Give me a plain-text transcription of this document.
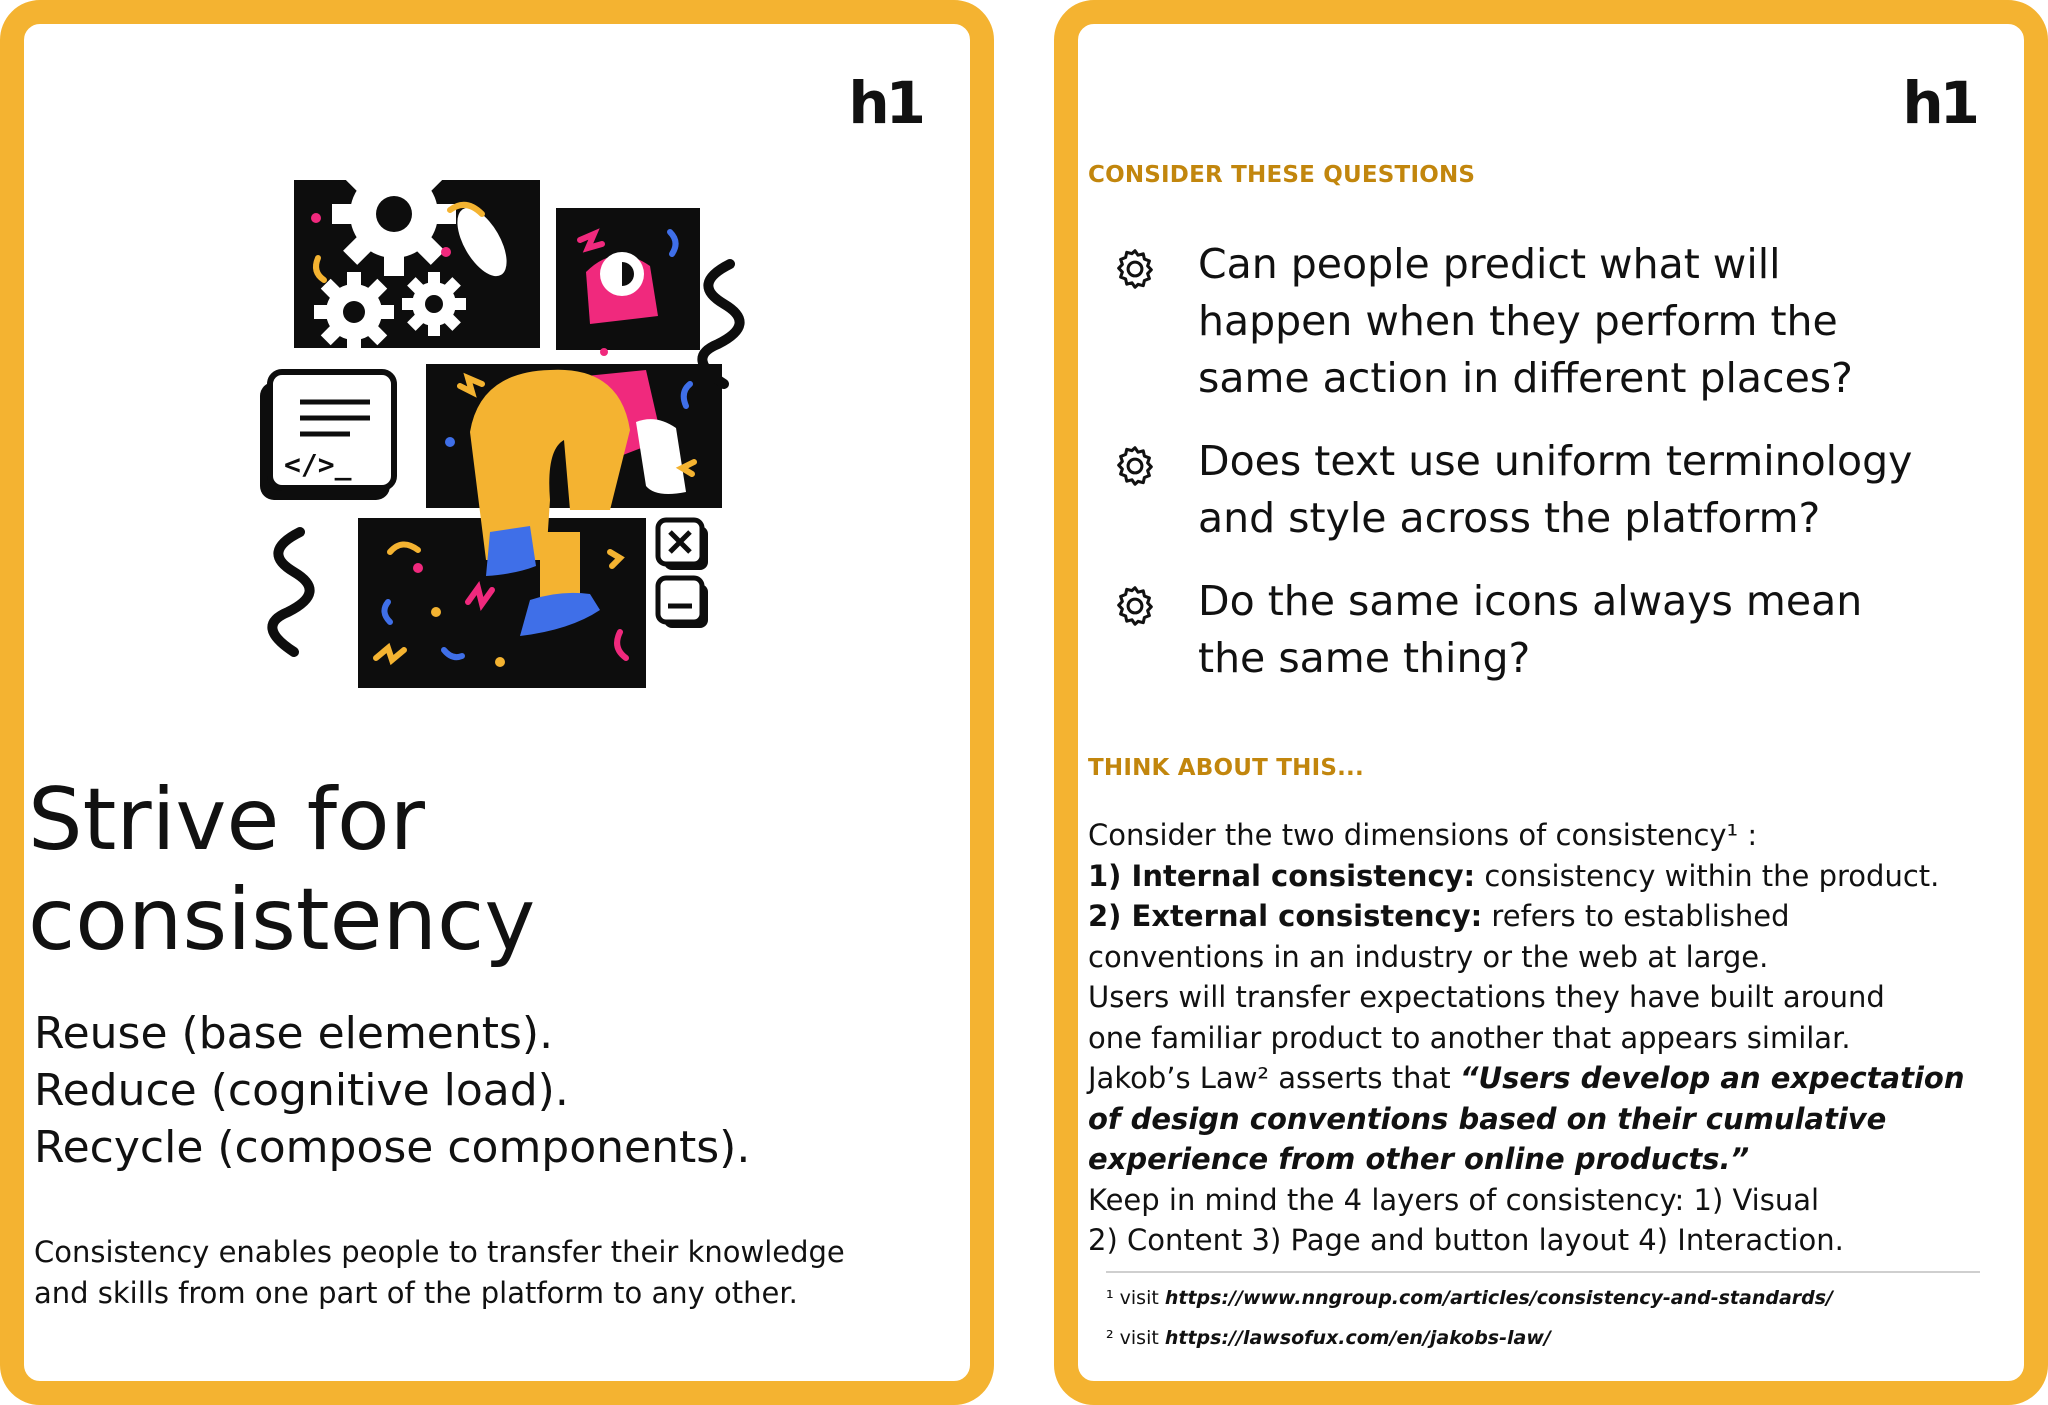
h1
</>_
Strive for
consistency
Reuse (base elements).
Reduce (cognitive load).
Recycle (compose components).

Consistency enables people to transfer their knowledge
and skills from one part of the platform to any other.

h1

CONSIDER THESE QUESTIONS

Can people predict what will
happen when they perform the
same action in different places?
Does text use uniform terminology
and style across the platform?
Do the same icons always mean
the same thing?

THINK ABOUT THIS...

Consider the two dimensions of consistency¹ :
1) Internal consistency: consistency within the product.
2) External consistency: refers to established
conventions in an industry or the web at large.
Users will transfer expectations they have built around
one familiar product to another that appears similar.
Jakob’s Law² asserts that “Users develop an expectation
of design conventions based on their cumulative
experience from other online products.”
Keep in mind the 4 layers of consistency: 1) Visual
2) Content 3) Page and button layout 4) Interaction.

¹ visit https://www.nngroup.com/articles/consistency-and-standards/

² visit https://lawsofux.com/en/jakobs-law/
